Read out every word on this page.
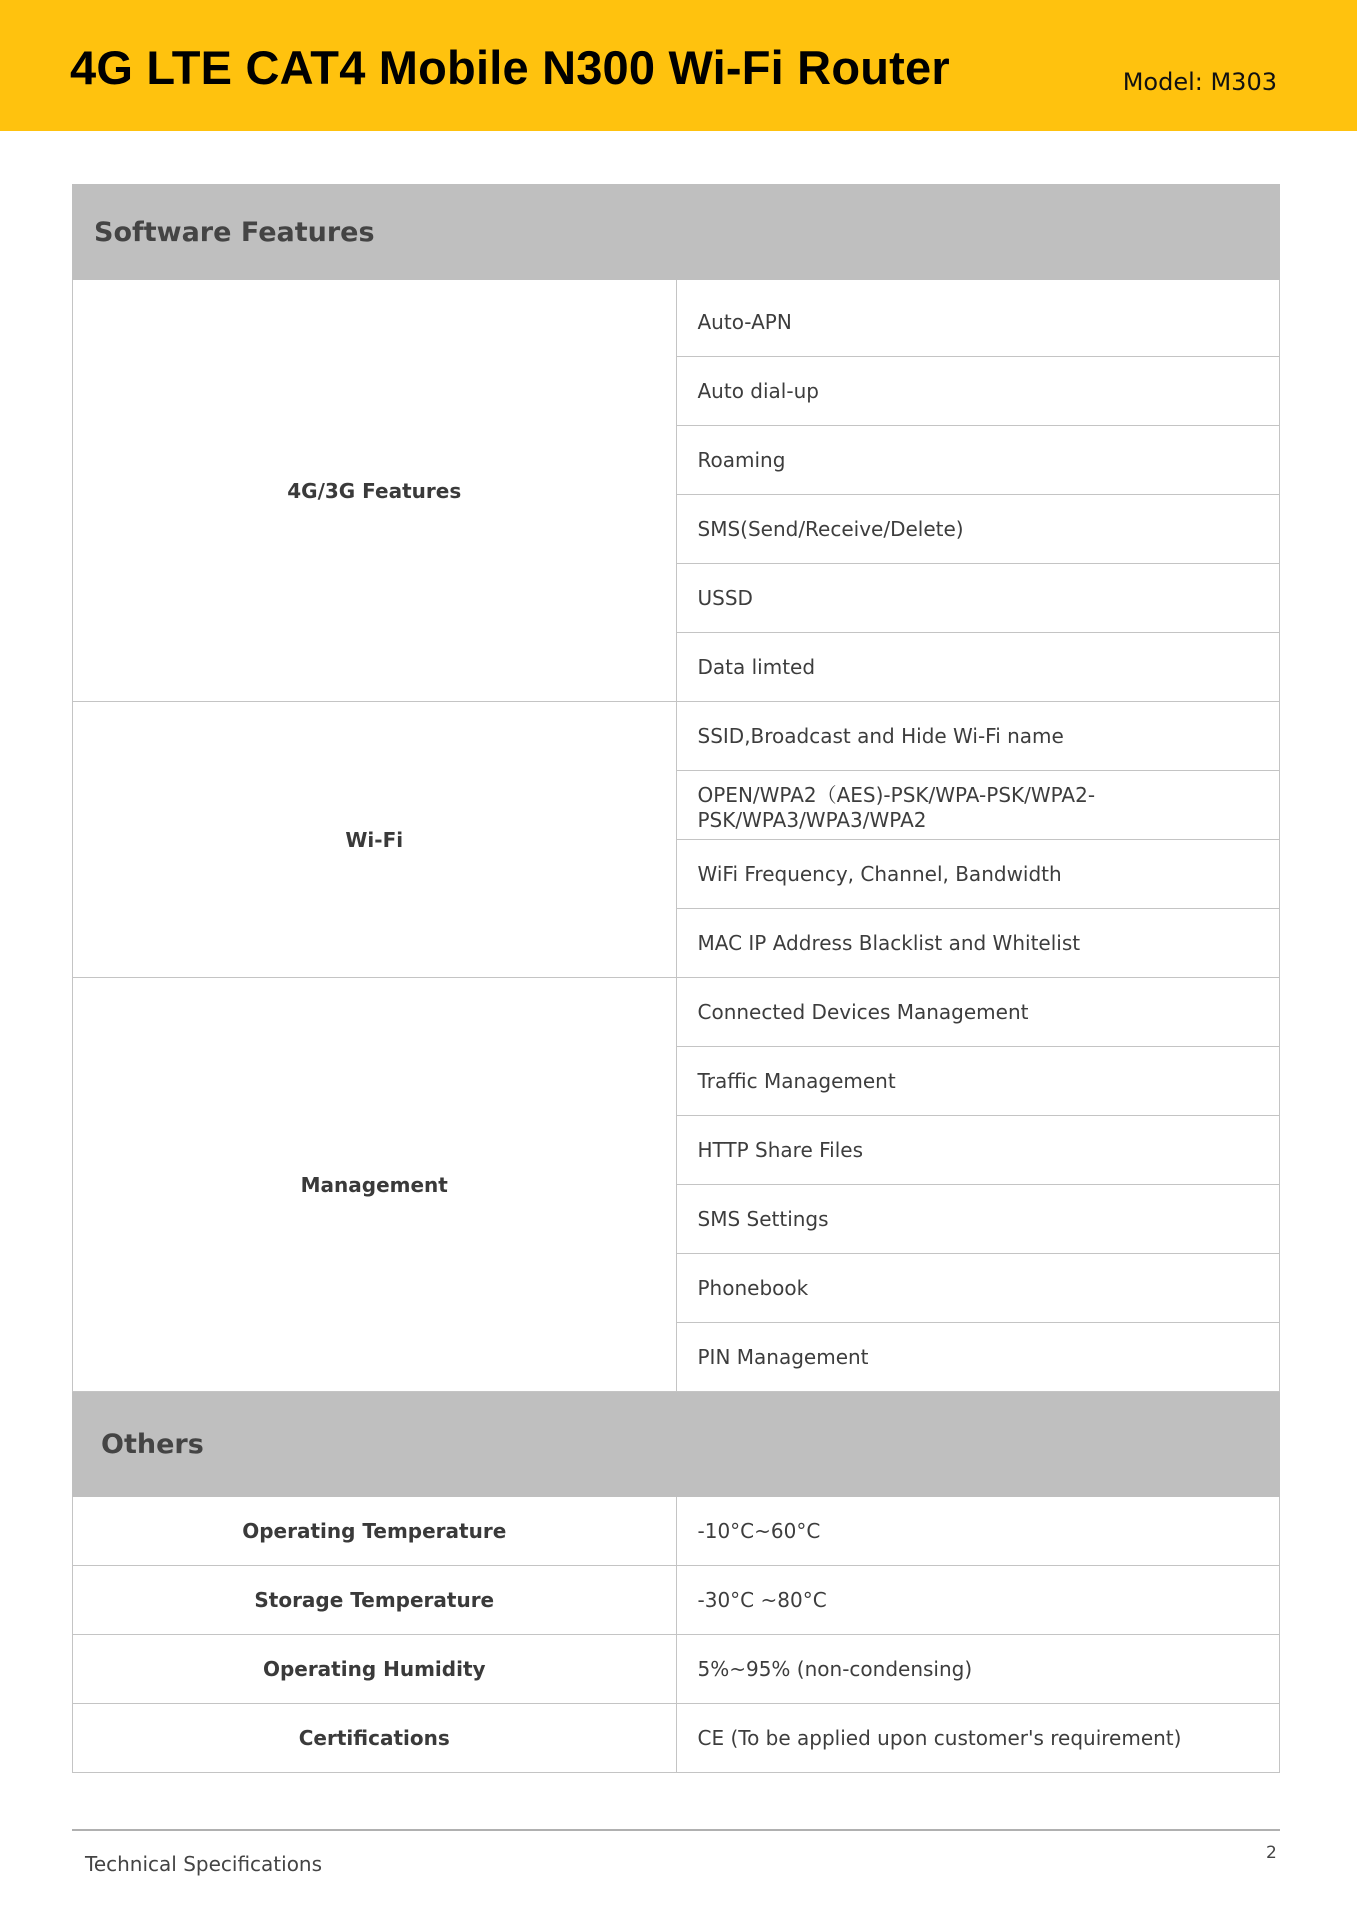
4G LTE CAT4 Mobile N300 Wi-Fi Router	Model: M303
Software Features	
4G/3G Features	Auto-APN
	Auto dial-up
	Roaming
	SMS(Send/Receive/Delete)
	USSD
	Data limted
Wi-Fi	SSID,Broadcast and Hide Wi-Fi name
	OPEN/WPA2（AES)-PSK/WPA-PSK/WPA2-PSK/WPA3/WPA3/WPA2
	WiFi Frequency, Channel, Bandwidth
	MAC IP Address Blacklist and Whitelist
Management	Connected Devices Management
	Traffic Management
	HTTP Share Files
	SMS Settings
	Phonebook
	PIN Management
Others	
Operating Temperature	-10°C~60°C
Storage Temperature	-30°C ~80°C
Operating Humidity	5%~95% (non-condensing)
Certifications	CE (To be applied upon customer's requirement)
Technical Specifications	2
